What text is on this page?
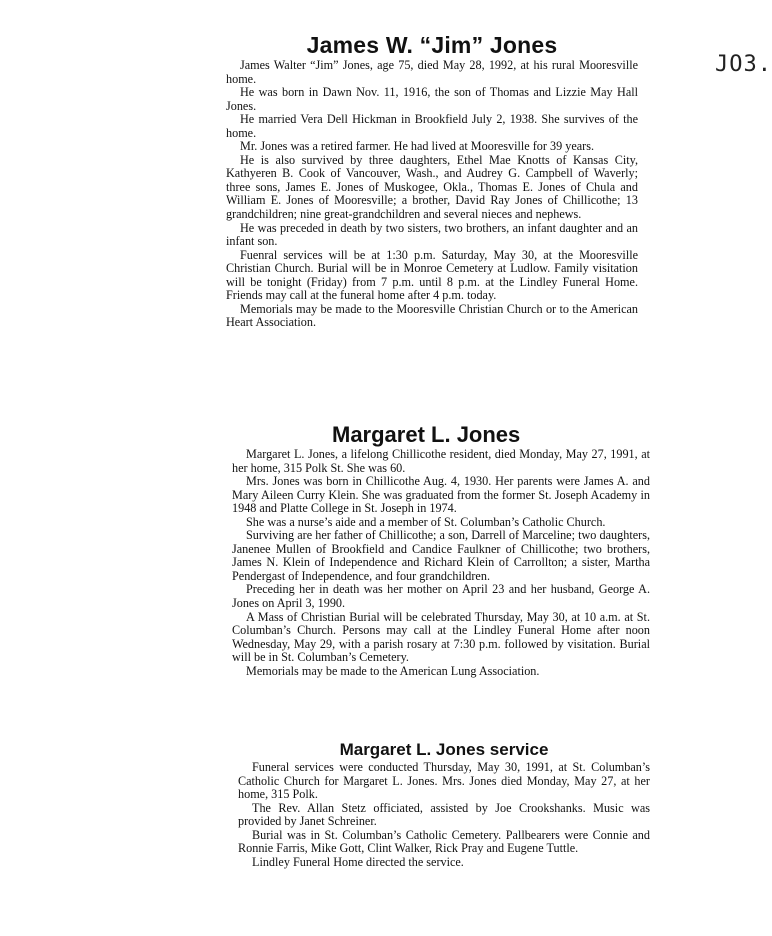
JO3.
James W. “Jim” Jones

James Walter “Jim” Jones, age 75, died May 28, 1992, at his rural Mooresville home.

He was born in Dawn Nov. 11, 1916, the son of Thomas and Lizzie May Hall Jones.

He married Vera Dell Hickman in Brookfield July 2, 1938. She survives of the home.

Mr. Jones was a retired farmer. He had lived at Mooresville for 39 years.

He is also survived by three daughters, Ethel Mae Knotts of Kansas City, Kathyeren B. Cook of Vancouver, Wash., and Audrey G. Campbell of Waverly; three sons, James E. Jones of Muskogee, Okla., Thomas E. Jones of Chula and William E. Jones of Mooresville; a brother, David Ray Jones of Chillicothe; 13 grandchildren; nine great-grandchildren and several nieces and nephews.

He was preceded in death by two sisters, two brothers, an infant daughter and an infant son.

Fuenral services will be at 1:30 p.m. Saturday, May 30, at the Mooresville Christian Church. Burial will be in Monroe Cemetery at Ludlow. Family visitation will be tonight (Friday) from 7 p.m. until 8 p.m. at the Lindley Funeral Home. Friends may call at the funeral home after 4 p.m. today.

Memorials may be made to the Mooresville Christian Church or to the American Heart Association.

Margaret L. Jones

Margaret L. Jones, a lifelong Chillicothe resident, died Monday, May 27, 1991, at her home, 315 Polk St. She was 60.

Mrs. Jones was born in Chillicothe Aug. 4, 1930. Her parents were James A. and Mary Aileen Curry Klein. She was graduated from the former St. Joseph Academy in 1948 and Platte College in St. Joseph in 1974.

She was a nurse’s aide and a member of St. Columban’s Catholic Church.

Surviving are her father of Chillicothe; a son, Darrell of Marceline; two daughters, Janenee Mullen of Brookfield and Candice Faulkner of Chillicothe; two brothers, James N. Klein of Independence and Richard Klein of Carrollton; a sister, Martha Pendergast of Independence, and four grandchildren.

Preceding her in death was her mother on April 23 and her husband, George A. Jones on April 3, 1990.

A Mass of Christian Burial will be celebrated Thursday, May 30, at 10 a.m. at St. Columban’s Church. Persons may call at the Lindley Funeral Home after noon Wednesday, May 29, with a parish rosary at 7:30 p.m. followed by visitation. Burial will be in St. Columban’s Cemetery.

Memorials may be made to the American Lung Association.

Margaret L. Jones service

Funeral services were conducted Thursday, May 30, 1991, at St. Columban’s Catholic Church for Margaret L. Jones. Mrs. Jones died Monday, May 27, at her home, 315 Polk.

The Rev. Allan Stetz officiated, assisted by Joe Crookshanks. Music was provided by Janet Schreiner.

Burial was in St. Columban’s Catholic Cemetery. Pallbearers were Connie and Ronnie Farris, Mike Gott, Clint Walker, Rick Pray and Eugene Tuttle.

Lindley Funeral Home directed the service.
